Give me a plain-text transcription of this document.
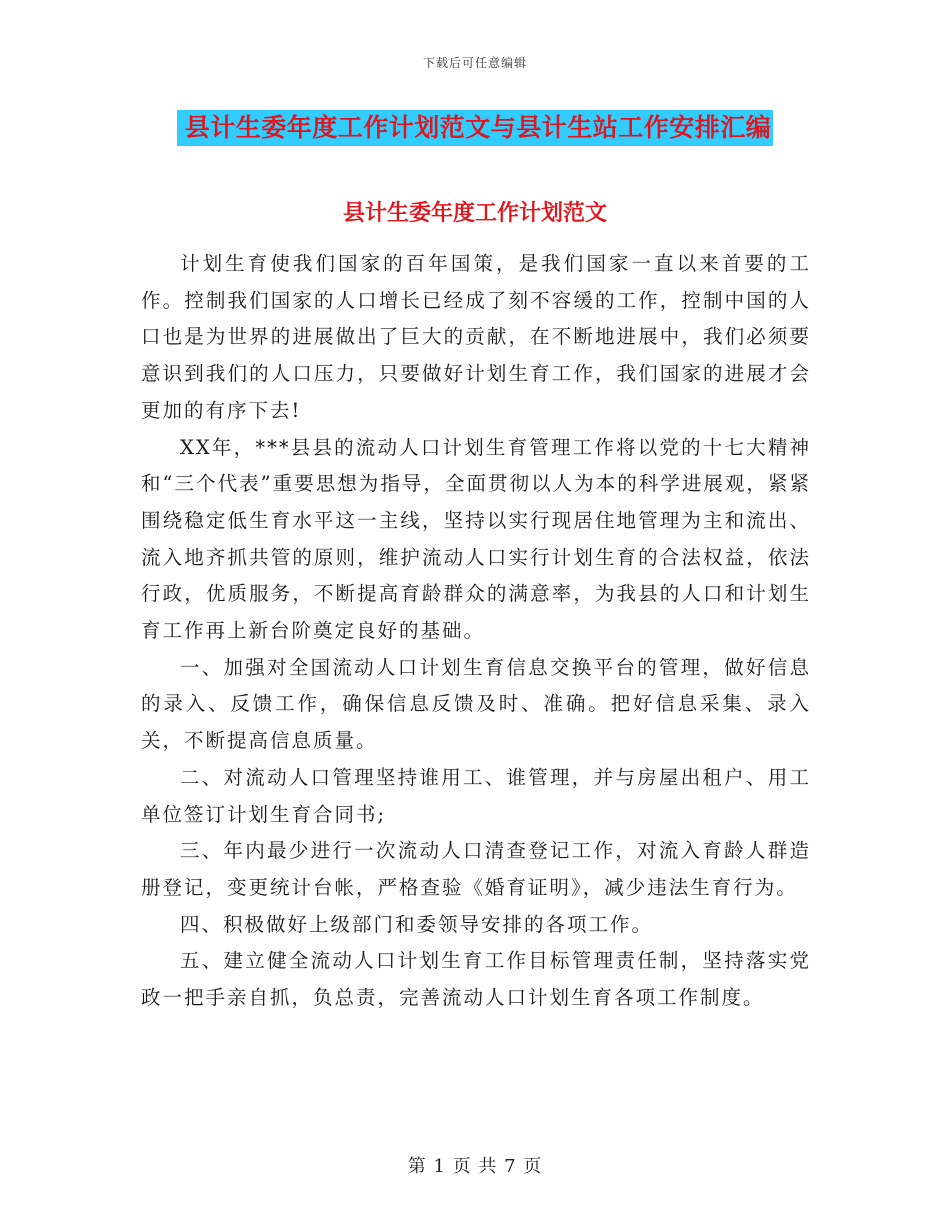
下载后可任意编辑
县计生委年度工作计划范文与县计生站工作安排汇编
县计生委年度工作计划范文

计划生育使我们国家的百年国策，是我们国家一直以来首要的工作。控制我们国家的人口增长已经成了刻不容缓的工作，控制中国的人口也是为世界的进展做出了巨大的贡献，在不断地进展中，我们必须要意识到我们的人口压力，只要做好计划生育工作，我们国家的进展才会更加的有序下去!

XX年，***县县的流动人口计划生育管理工作将以党的十七大精神和“三个代表”重要思想为指导，全面贯彻以人为本的科学进展观，紧紧围绕稳定低生育水平这一主线，坚持以实行现居住地管理为主和流出、流入地齐抓共管的原则，维护流动人口实行计划生育的合法权益，依法行政，优质服务，不断提高育龄群众的满意率，为我县的人口和计划生育工作再上新台阶奠定良好的基础。

一、加强对全国流动人口计划生育信息交换平台的管理，做好信息的录入、反馈工作，确保信息反馈及时、准确。把好信息采集、录入关，不断提高信息质量。

二、对流动人口管理坚持谁用工、谁管理，并与房屋出租户、用工单位签订计划生育合同书;

三、年内最少进行一次流动人口清查登记工作，对流入育龄人群造册登记，变更统计台帐，严格查验《婚育证明》，减少违法生育行为。

四、积极做好上级部门和委领导安排的各项工作。

五、建立健全流动人口计划生育工作目标管理责任制，坚持落实党政一把手亲自抓，负总责，完善流动人口计划生育各项工作制度。

第 1 页 共 7 页
